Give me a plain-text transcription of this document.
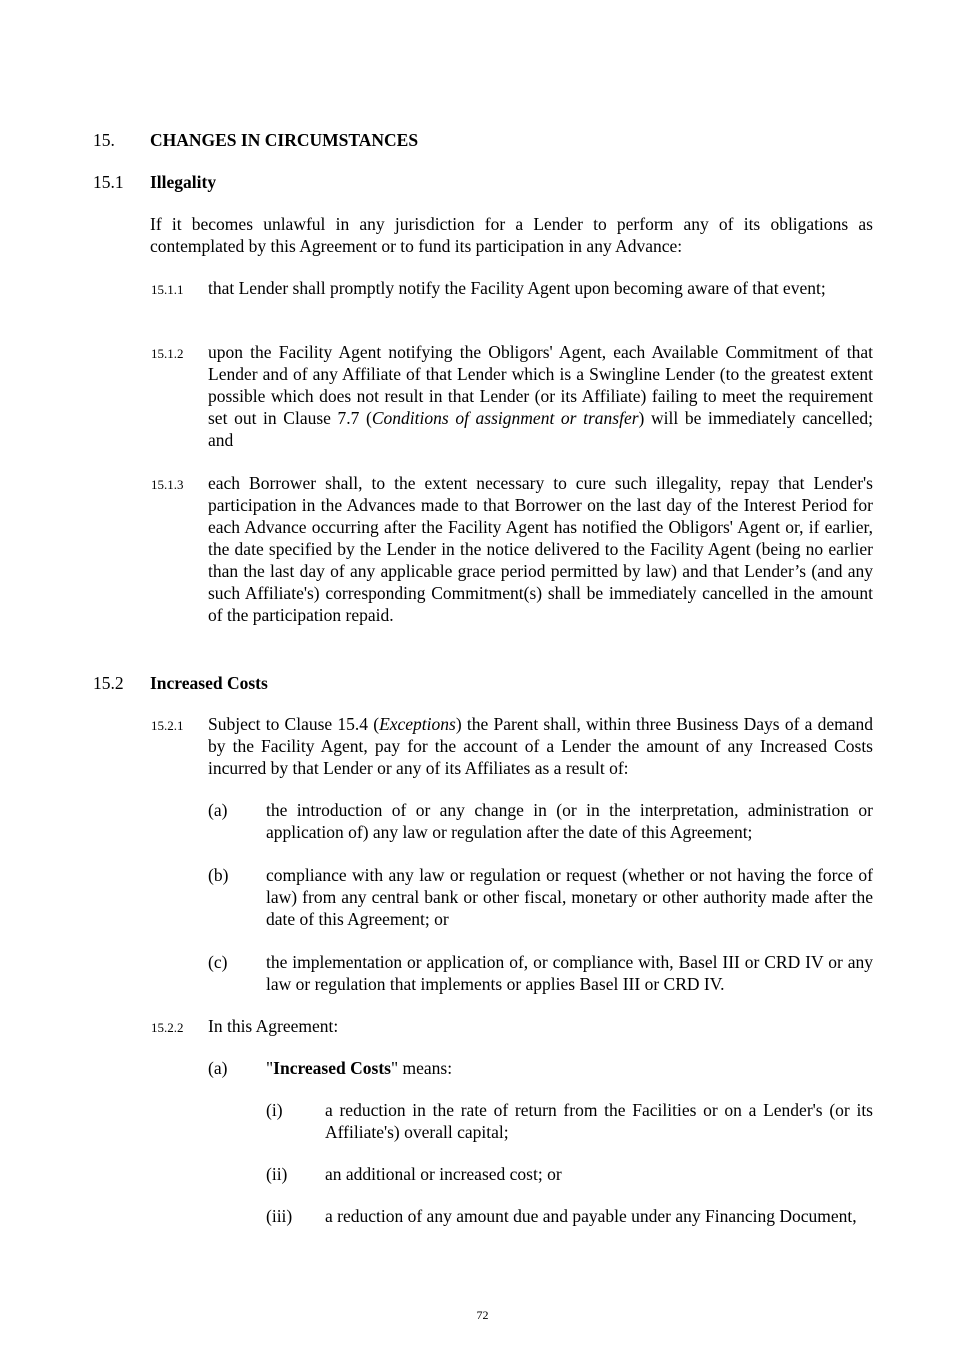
15. CHANGES IN CIRCUMSTANCES
15.1 Illegality
If it becomes unlawful in any jurisdiction for a Lender to perform any of its obligations as contemplated by this Agreement or to fund its participation in any Advance:
15.1.1 that Lender shall promptly notify the Facility Agent upon becoming aware of that event;
15.1.2 upon the Facility Agent notifying the Obligors' Agent, each Available Commitment of that Lender and of any Affiliate of that Lender which is a Swingline Lender (to the greatest extent possible which does not result in that Lender (or its Affiliate) failing to meet the requirement set out in Clause 7.7 (Conditions of assignment or transfer) will be immediately cancelled; and
15.1.3 each Borrower shall, to the extent necessary to cure such illegality, repay that Lender's participation in the Advances made to that Borrower on the last day of the Interest Period for each Advance occurring after the Facility Agent has notified the Obligors' Agent or, if earlier, the date specified by the Lender in the notice delivered to the Facility Agent (being no earlier than the last day of any applicable grace period permitted by law) and that Lender’s (and any such Affiliate's) corresponding Commitment(s) shall be immediately cancelled in the amount of the participation repaid.
15.2 Increased Costs
15.2.1 Subject to Clause 15.4 (Exceptions) the Parent shall, within three Business Days of a demand by the Facility Agent, pay for the account of a Lender the amount of any Increased Costs incurred by that Lender or any of its Affiliates as a result of:
(a) the introduction of or any change in (or in the interpretation, administration or application of) any law or regulation after the date of this Agreement;
(b) compliance with any law or regulation or request (whether or not having the force of law) from any central bank or other fiscal, monetary or other authority made after the date of this Agreement; or
(c) the implementation or application of, or compliance with, Basel III or CRD IV or any law or regulation that implements or applies Basel III or CRD IV.
15.2.2 In this Agreement:
(a) "Increased Costs" means:
(i) a reduction in the rate of return from the Facilities or on a Lender's (or its Affiliate's) overall capital;
(ii) an additional or increased cost; or
(iii) a reduction of any amount due and payable under any Financing Document,
72
